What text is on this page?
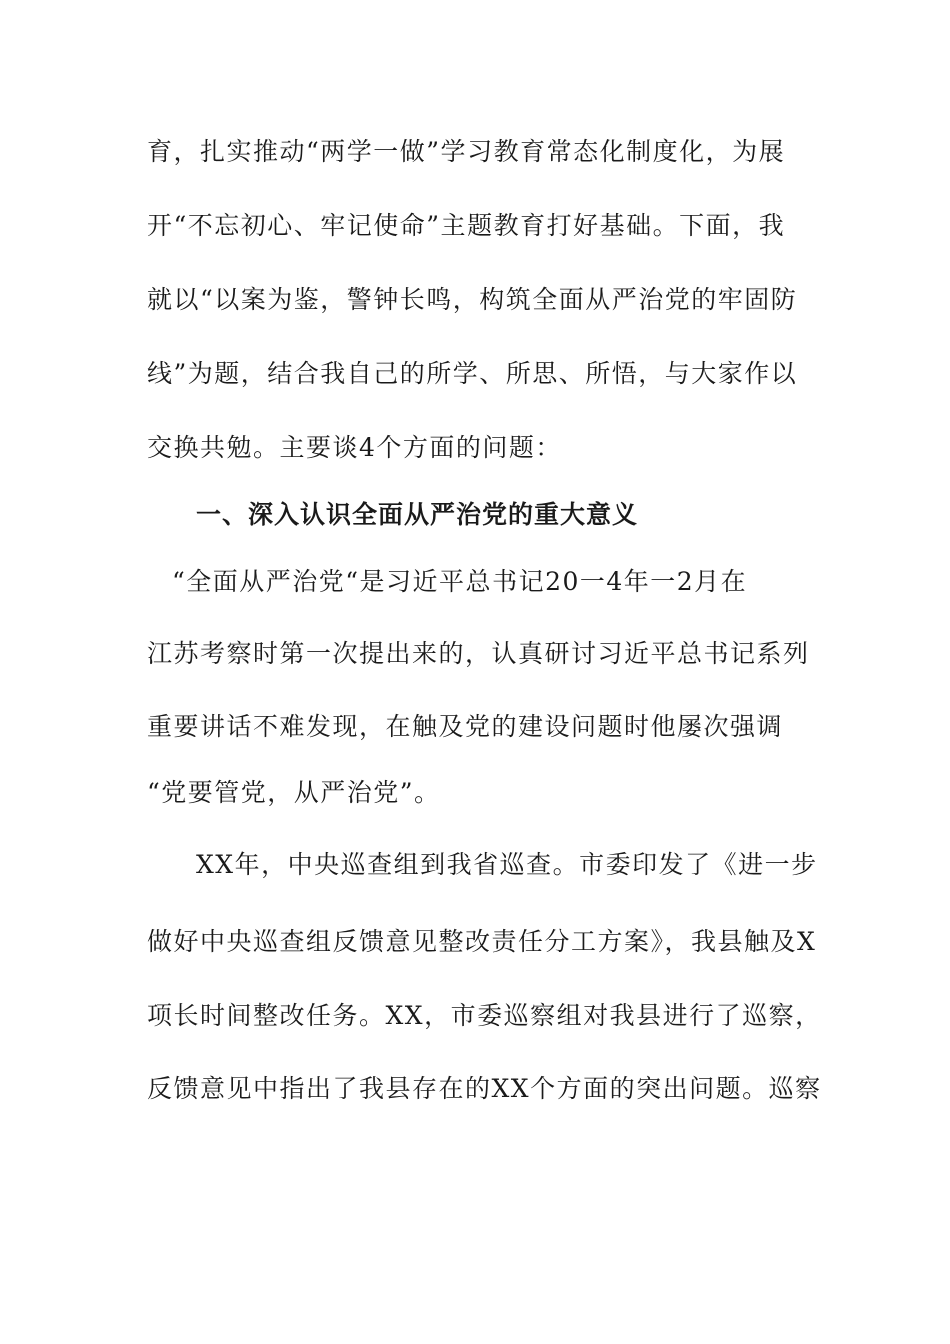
育，扎实推动“两学一做”学习教育常态化制度化，为展
开“不忘初心、牢记使命”主题教育打好基础。下面，我
就以“以案为鉴，警钟长鸣，构筑全面从严治党的牢固防
线”为题，结合我自己的所学、所思、所悟，与大家作以
交换共勉。主要谈4个方面的问题：
一、深入认识全面从严治党的重大意义
“全面从严治党“是习近平总书记20一4年一2月在
江苏考察时第一次提出来的，认真研讨习近平总书记系列
重要讲话不难发现，在触及党的建设问题时他屡次强调
“党要管党，从严治党”。
XX年，中央巡查组到我省巡查。市委印发了《进一步
做好中央巡查组反馈意见整改责任分工方案》，我县触及X
项长时间整改任务。XX，市委巡察组对我县进行了巡察，
反馈意见中指出了我县存在的XX个方面的突出问题。巡察
